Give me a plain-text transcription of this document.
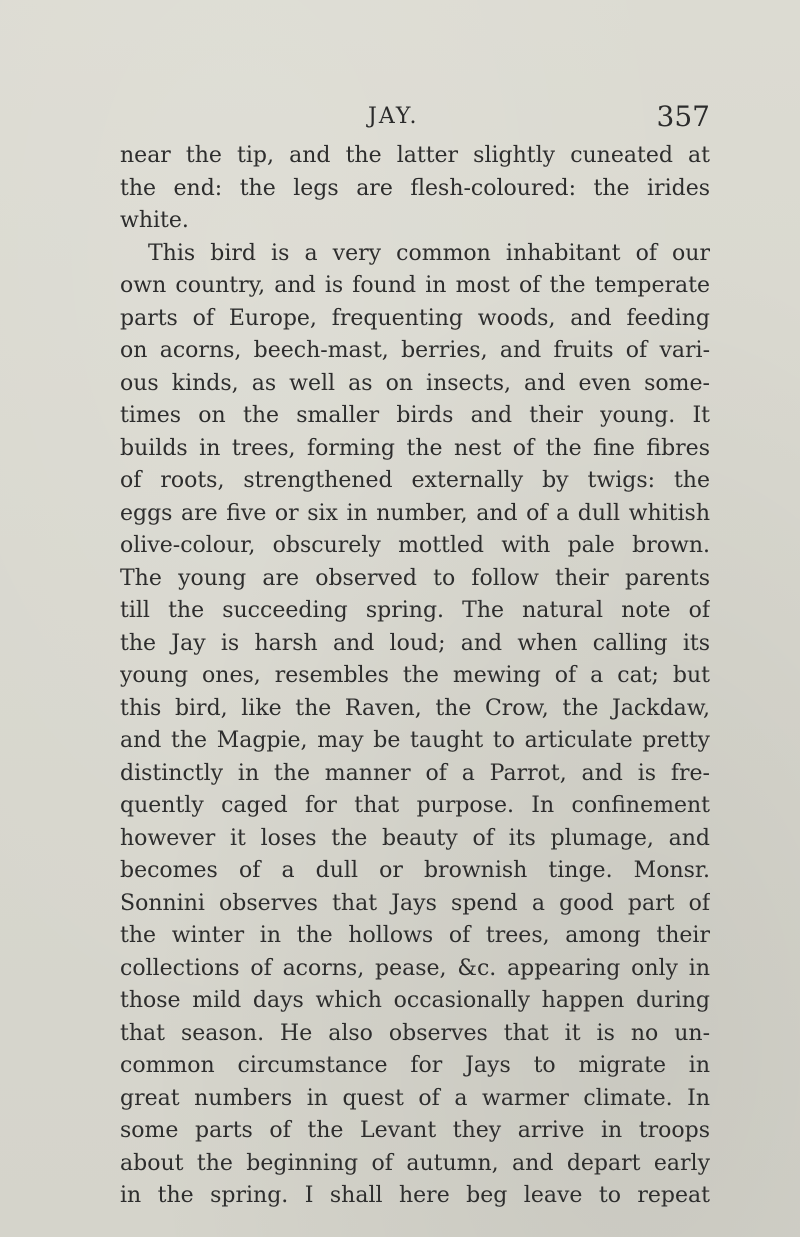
JAY.	357
near the tip, and the latter slightly cuneated at
the end: the legs are flesh-coloured: the irides
white.
This bird is a very common inhabitant of our
own country, and is found in most of the temperate
parts of Europe, frequenting woods, and feeding
on acorns, beech-mast, berries, and fruits of vari-
ous kinds, as well as on insects, and even some-
times on the smaller birds and their young. It
builds in trees, forming the nest of the fine fibres
of roots, strengthened externally by twigs: the
eggs are five or six in number, and of a dull whitish
olive-colour, obscurely mottled with pale brown.
The young are observed to follow their parents
till the succeeding spring. The natural note of
the Jay is harsh and loud; and when calling its
young ones, resembles the mewing of a cat; but
this bird, like the Raven, the Crow, the Jackdaw,
and the Magpie, may be taught to articulate pretty
distinctly in the manner of a Parrot, and is fre-
quently caged for that purpose. In confinement
however it loses the beauty of its plumage, and
becomes of a dull or brownish tinge. Monsr.
Sonnini observes that Jays spend a good part of
the winter in the hollows of trees, among their
collections of acorns, pease, &c. appearing only in
those mild days which occasionally happen during
that season. He also observes that it is no un-
common circumstance for Jays to migrate in
great numbers in quest of a warmer climate. In
some parts of the Levant they arrive in troops
about the beginning of autumn, and depart early
in the spring. I shall here beg leave to repeat
